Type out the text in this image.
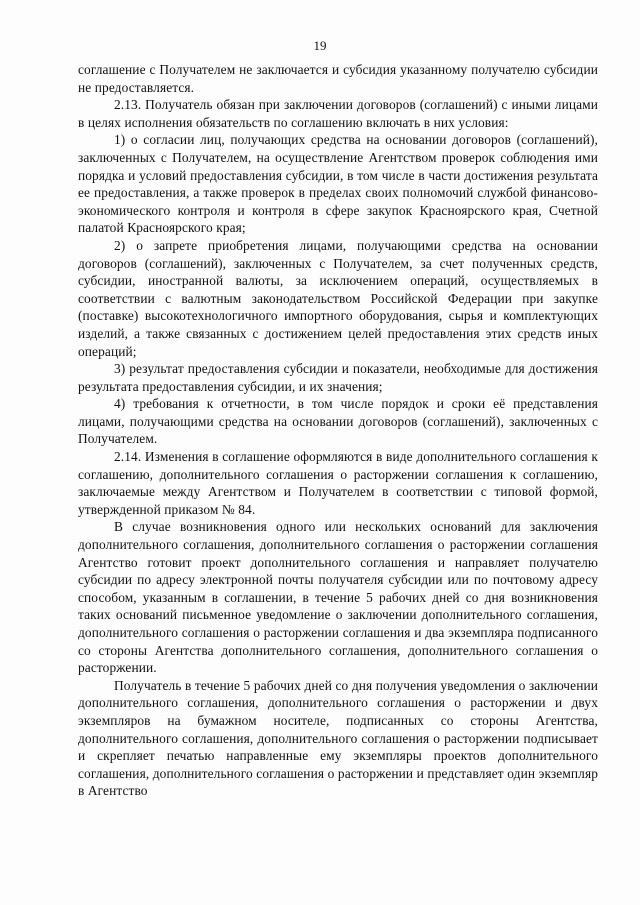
19

соглашение с Получателем не заключается и субсидия указанному получателю субсидии не предоставляется.

2.13. Получатель обязан при заключении договоров (соглашений) с иными лицами в целях исполнения обязательств по соглашению включать в них условия:

1) о согласии лиц, получающих средства на основании договоров (соглашений), заключенных с Получателем, на осуществление Агентством проверок соблюдения ими порядка и условий предоставления субсидии, в том числе в части достижения результата ее предоставления, а также проверок в пределах своих полномочий службой финансово-экономического контроля и контроля в сфере закупок Красноярского края, Счетной палатой Красноярского края;

2) о запрете приобретения лицами, получающими средства на основании договоров (соглашений), заключенных с Получателем, за счет полученных средств, субсидии, иностранной валюты, за исключением операций, осуществляемых в соответствии с валютным законодательством Российской Федерации при закупке (поставке) высокотехнологичного импортного оборудования, сырья и комплектующих изделий, а также связанных с достижением целей предоставления этих средств иных операций;

3) результат предоставления субсидии и показатели, необходимые для достижения результата предоставления субсидии, и их значения;

4) требования к отчетности, в том числе порядок и сроки её представления лицами, получающими средства на основании договоров (соглашений), заключенных с Получателем.

2.14. Изменения в соглашение оформляются в виде дополнительного соглашения к соглашению, дополнительного соглашения о расторжении соглашения к соглашению, заключаемые между Агентством и Получателем в соответствии с типовой формой, утвержденной приказом № 84.

В случае возникновения одного или нескольких оснований для заключения дополнительного соглашения, дополнительного соглашения о расторжении соглашения Агентство готовит проект дополнительного соглашения и направляет получателю субсидии по адресу электронной почты получателя субсидии или по почтовому адресу способом, указанным в соглашении, в течение 5 рабочих дней со дня возникновения таких оснований письменное уведомление о заключении дополнительного соглашения, дополнительного соглашения о расторжении соглашения и два экземпляра подписанного со стороны Агентства дополнительного соглашения, дополнительного соглашения о расторжении.

Получатель в течение 5 рабочих дней со дня получения уведомления о заключении дополнительного соглашения, дополнительного соглашения о расторжении и двух экземпляров на бумажном носителе, подписанных со стороны Агентства, дополнительного соглашения, дополнительного соглашения о расторжении подписывает и скрепляет печатью направленные ему экземпляры проектов дополнительного соглашения, дополнительного соглашения о расторжении и представляет один экземпляр в Агентство
